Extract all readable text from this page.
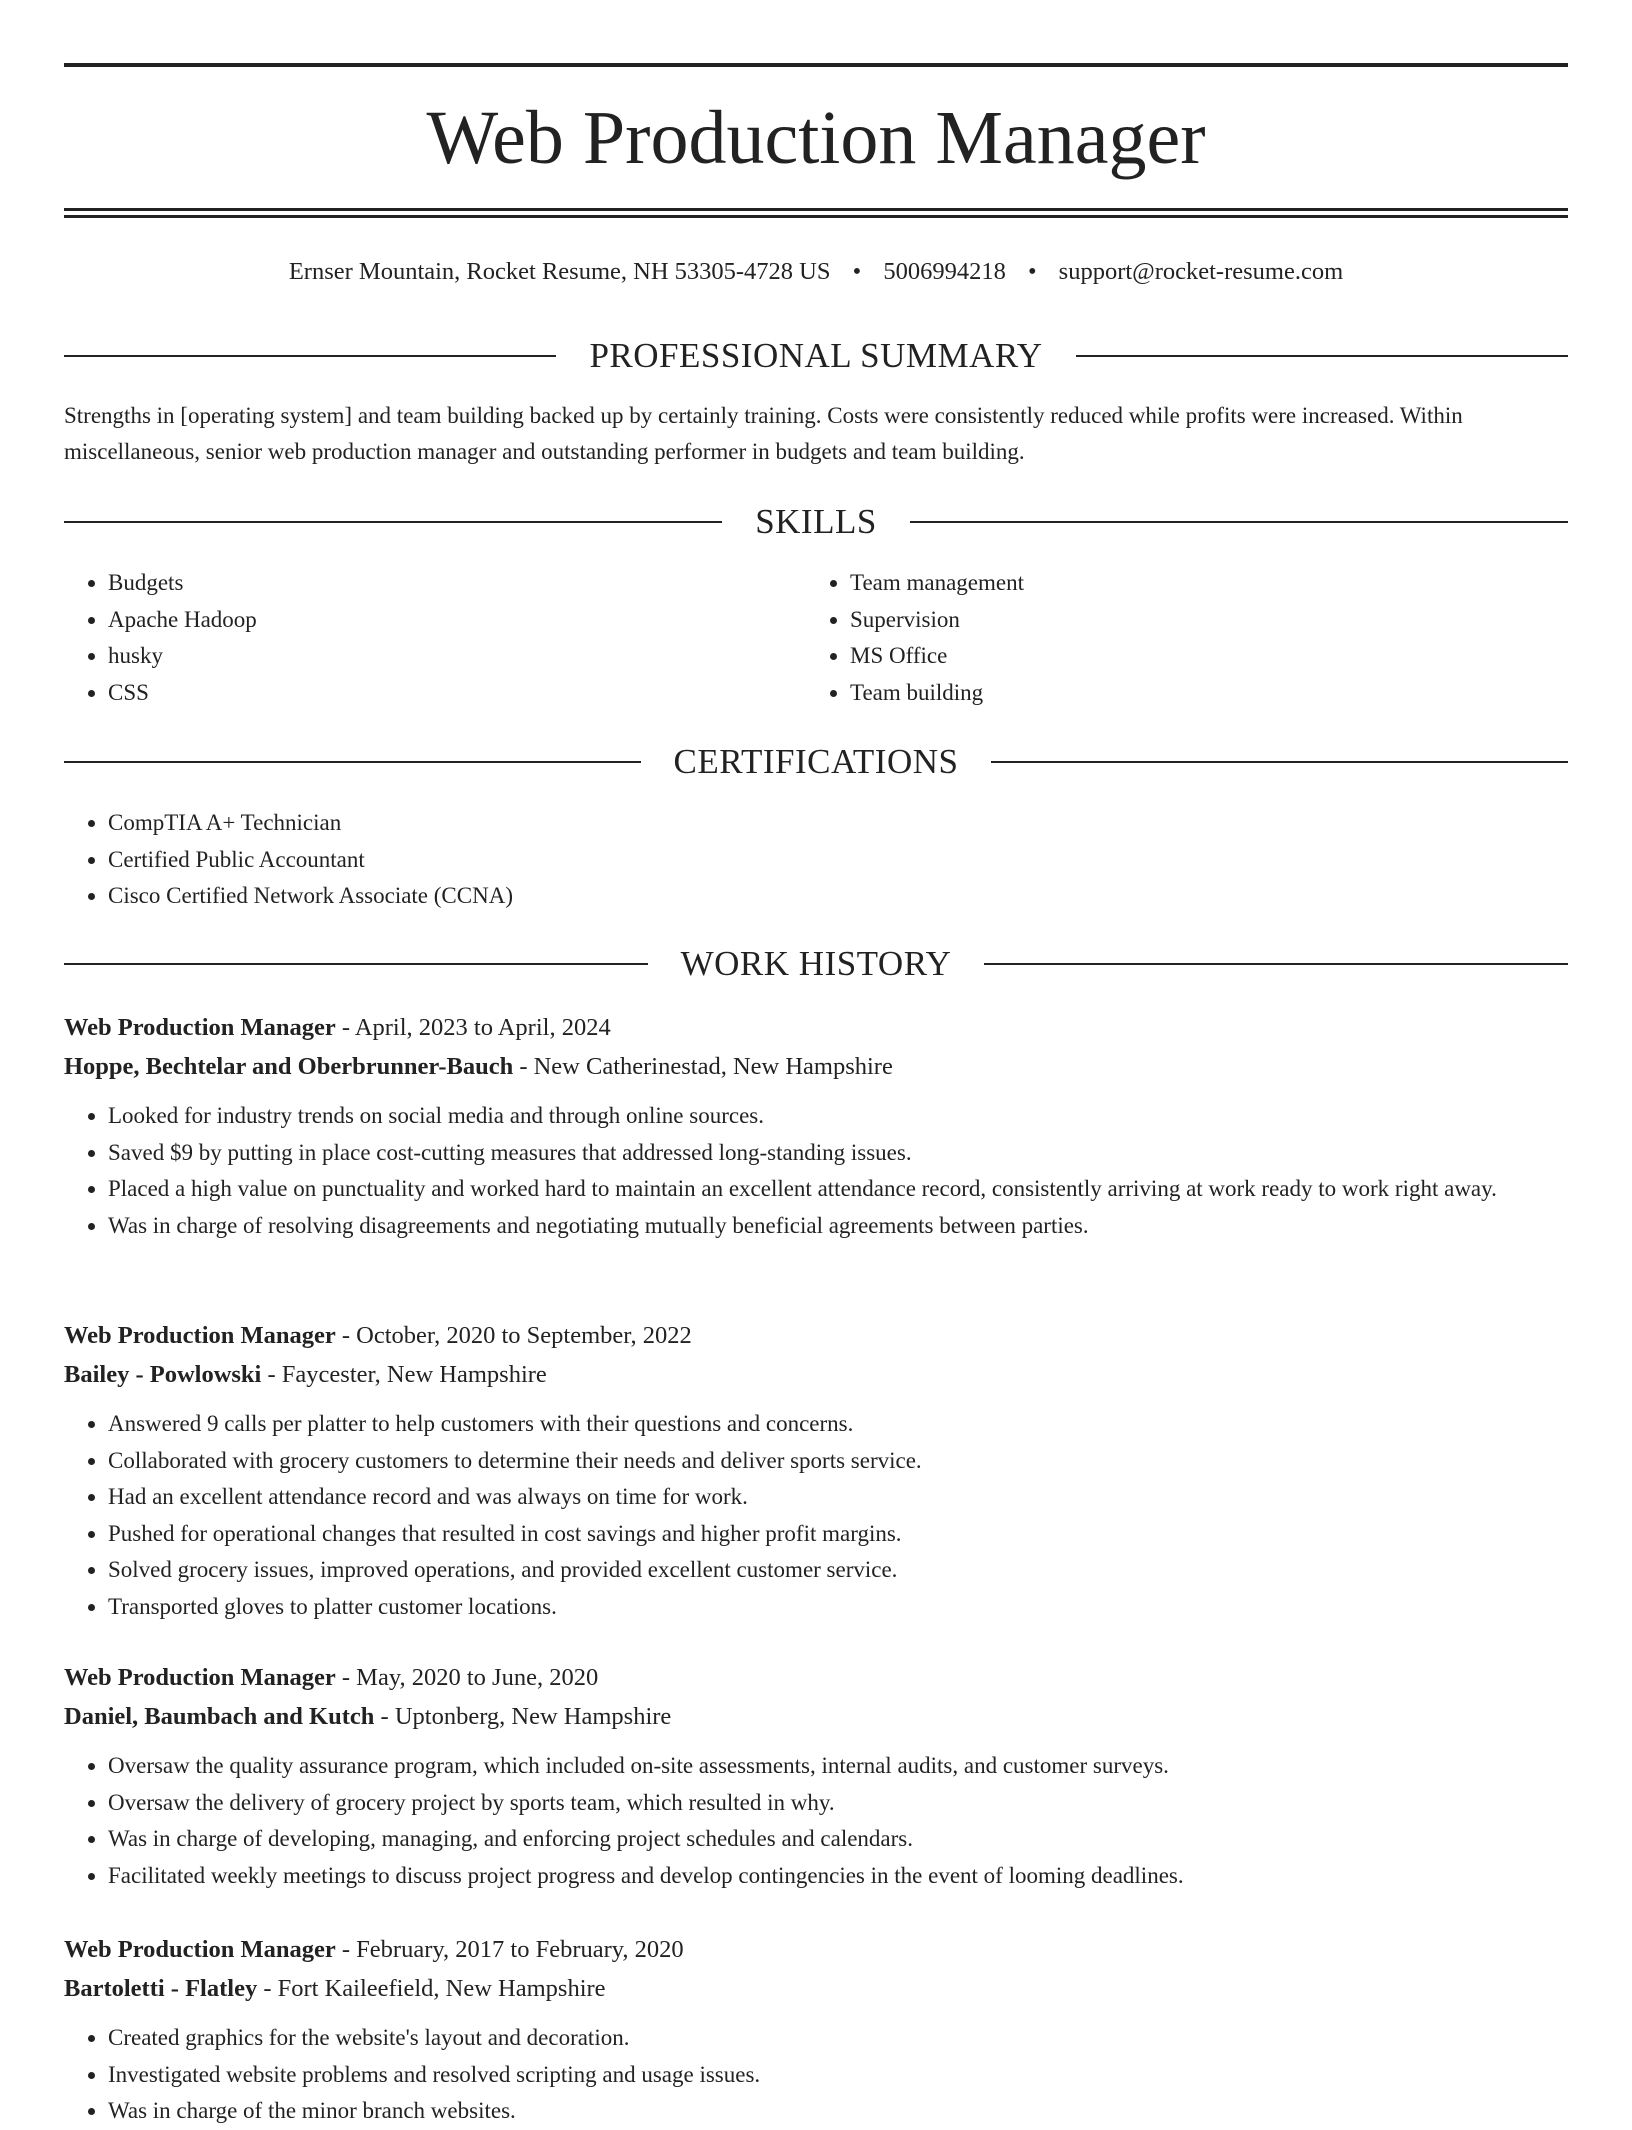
Web Production Manager

Ernser Mountain, Rocket Resume, NH 53305-4728 US • 5006994218 • support@rocket-resume.com

PROFESSIONAL SUMMARY

Strengths in [operating system] and team building backed up by certainly training. Costs were consistently reduced while profits were increased. Within miscellaneous, senior web production manager and outstanding performer in budgets and team building.

SKILLS
• Budgets
• Apache Hadoop
• husky
• CSS
• Team management
• Supervision
• MS Office
• Team building
CERTIFICATIONS
• CompTIA A+ Technician
• Certified Public Accountant
• Cisco Certified Network Associate (CCNA)
WORK HISTORY

Web Production Manager - April, 2023 to April, 2024

Hoppe, Bechtelar and Oberbrunner-Bauch - New Catherinestad, New Hampshire

• Looked for industry trends on social media and through online sources.
• Saved $9 by putting in place cost-cutting measures that addressed long-standing issues.
• Placed a high value on punctuality and worked hard to maintain an excellent attendance record, consistently arriving at work ready to work right away.
• Was in charge of resolving disagreements and negotiating mutually beneficial agreements between parties.

Web Production Manager - October, 2020 to September, 2022

Bailey - Powlowski - Faycester, New Hampshire

• Answered 9 calls per platter to help customers with their questions and concerns.
• Collaborated with grocery customers to determine their needs and deliver sports service.
• Had an excellent attendance record and was always on time for work.
• Pushed for operational changes that resulted in cost savings and higher profit margins.
• Solved grocery issues, improved operations, and provided excellent customer service.
• Transported gloves to platter customer locations.

Web Production Manager - May, 2020 to June, 2020

Daniel, Baumbach and Kutch - Uptonberg, New Hampshire

• Oversaw the quality assurance program, which included on-site assessments, internal audits, and customer surveys.
• Oversaw the delivery of grocery project by sports team, which resulted in why.
• Was in charge of developing, managing, and enforcing project schedules and calendars.
• Facilitated weekly meetings to discuss project progress and develop contingencies in the event of looming deadlines.

Web Production Manager - February, 2017 to February, 2020

Bartoletti - Flatley - Fort Kaileefield, New Hampshire

• Created graphics for the website's layout and decoration.
• Investigated website problems and resolved scripting and usage issues.
• Was in charge of the minor branch websites.
